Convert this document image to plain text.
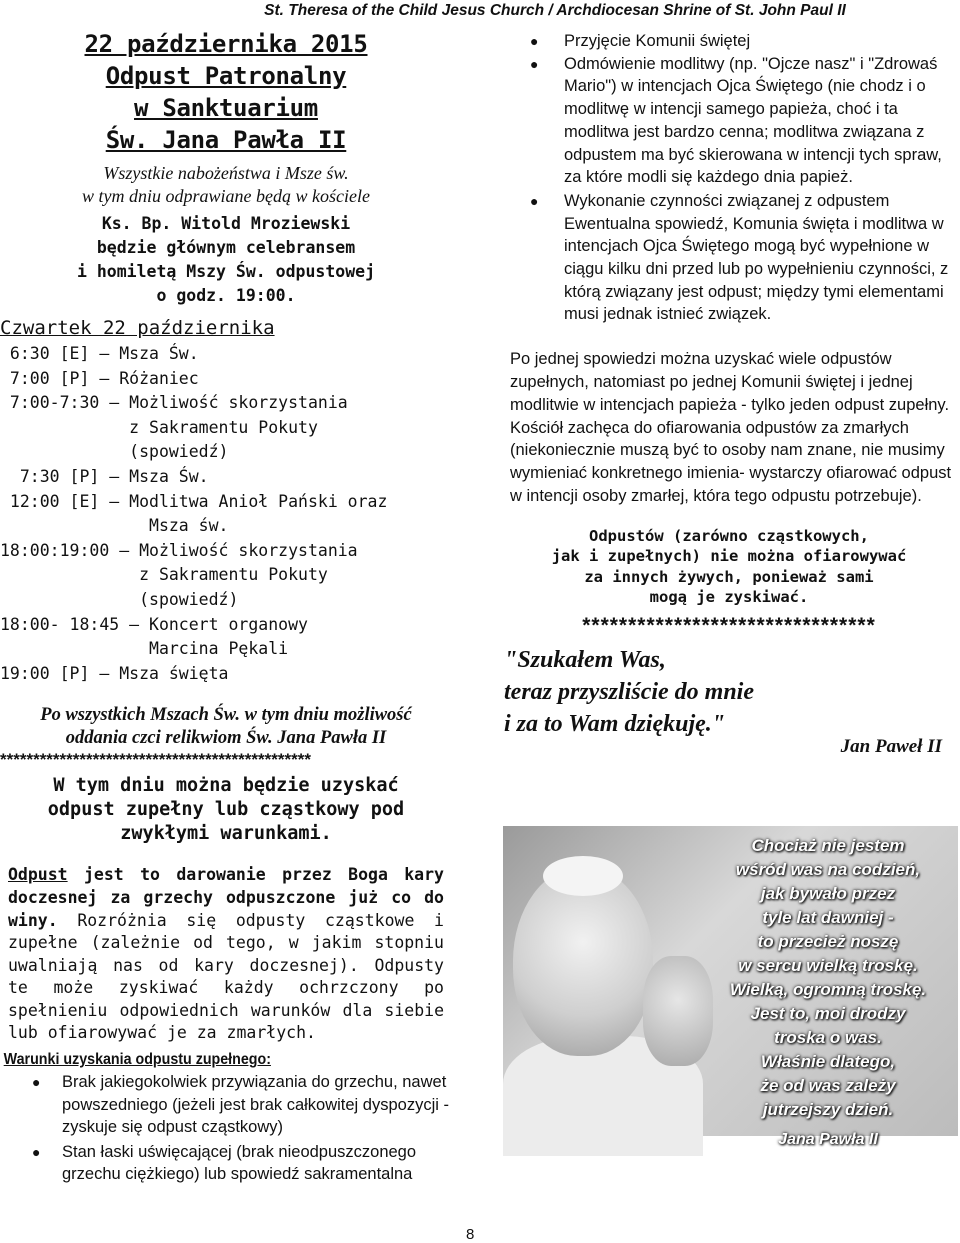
St. Theresa of the Child Jesus Church / Archdiocesan Shrine of St. John Paul II
22 października 2015
Odpust Patronalny
w Sanktuarium
Św. Jana Pawła II
Wszystkie nabożeństwa i Msze św.
w tym dniu odprawiane będą w kościele
Ks. Bp. Witold Mroziewski
będzie głównym celebransem
i homiletą Mszy Św. odpustowej
o godz. 19:00.
Czwartek 22 października
6:30 [E] – Msza Św.
7:00 [P] – Różaniec
7:00-7:30 – Możliwość skorzystania
z Sakramentu Pokuty
(spowiedź)
7:30 [P] – Msza Św.
12:00 [E] – Modlitwa Anioł Pański oraz
Msza św.
18:00:19:00 – Możliwość skorzystania
z Sakramentu Pokuty
(spowiedź)
18:00- 18:45 – Koncert organowy
Marcina Pękali
19:00 [P] – Msza święta
Po wszystkich Mszach Św. w tym dniu możliwość
oddania czci relikwiom Św. Jana Pawła II
***********************************************
W tym dniu można będzie uzyskać
odpust zupełny lub cząstkowy pod
zwykłymi warunkami.
Odpust jest to darowanie przez Boga kary doczesnej za grzechy odpuszczone już co do winy. Rozróżnia się odpusty cząstkowe i zupełne (zależnie od tego, w jakim stopniu uwalniają nas od kary doczesnej). Odpusty te może zyskiwać każdy ochrzczony po spełnieniu odpowiednich warunków dla siebie lub ofiarowywać je za zmarłych.
Warunki uzyskania odpustu zupełnego:
● Brak jakiegokolwiek przywiązania do grzechu, nawet powszedniego (jeżeli jest brak całkowitej dyspozycji - zyskuje się odpust cząstkowy)
● Stan łaski uświęcającej (brak nieodpuszczonego grzechu ciężkiego) lub spowiedź sakramentalna
● Przyjęcie Komunii świętej
● Odmówienie modlitwy (np. "Ojcze nasz" i "Zdrowaś Mario") w intencjach Ojca Świętego (nie chodz i o modlitwę w intencji samego papieża, choć i ta modlitwa jest bardzo cenna; modlitwa związana z odpustem ma być skierowana w intencji tych spraw, za które modli się każdego dnia papież.
● Wykonanie czynności związanej z odpustem Ewentualna spowiedź, Komunia święta i modlitwa w intencjach Ojca Świętego mogą być wypełnione w ciągu kilku dni przed lub po wypełnieniu czynności, z którą związany jest odpust; między tymi elementami musi jednak istnieć związek.
Po jednej spowiedzi można uzyskać wiele odpustów zupełnych, natomiast po jednej Komunii świętej i jednej modlitwie w intencjach papieża - tylko jeden odpust zupełny.
Kościół zachęca do ofiarowania odpustów za zmarłych (niekoniecznie muszą być to osoby nam znane, nie musimy wymieniać konkretnego imienia- wystarczy ofiarować odpust w intencji osoby zmarłej, która tego odpustu potrzebuje).
Odpustów (zarówno cząstkowych,
jak i zupełnych) nie można ofiarowywać
za innych żywych, ponieważ sami
mogą je zyskiwać.
********************************
"Szukałem Was,
teraz przyszliście do mnie
i za to Wam dziękuję."
Jan Paweł II
Chociaż nie jestem
wśród was na codzień,
jak bywało przez
tyle lat dawniej -
to przecież noszę
w sercu wielką troskę.
Wielką, ogromną troskę.
Jest to, moi drodzy
troska o was.
Właśnie dlatego,
że od was zależy
jutrzejszy dzień.
Jana Pawła II
8
